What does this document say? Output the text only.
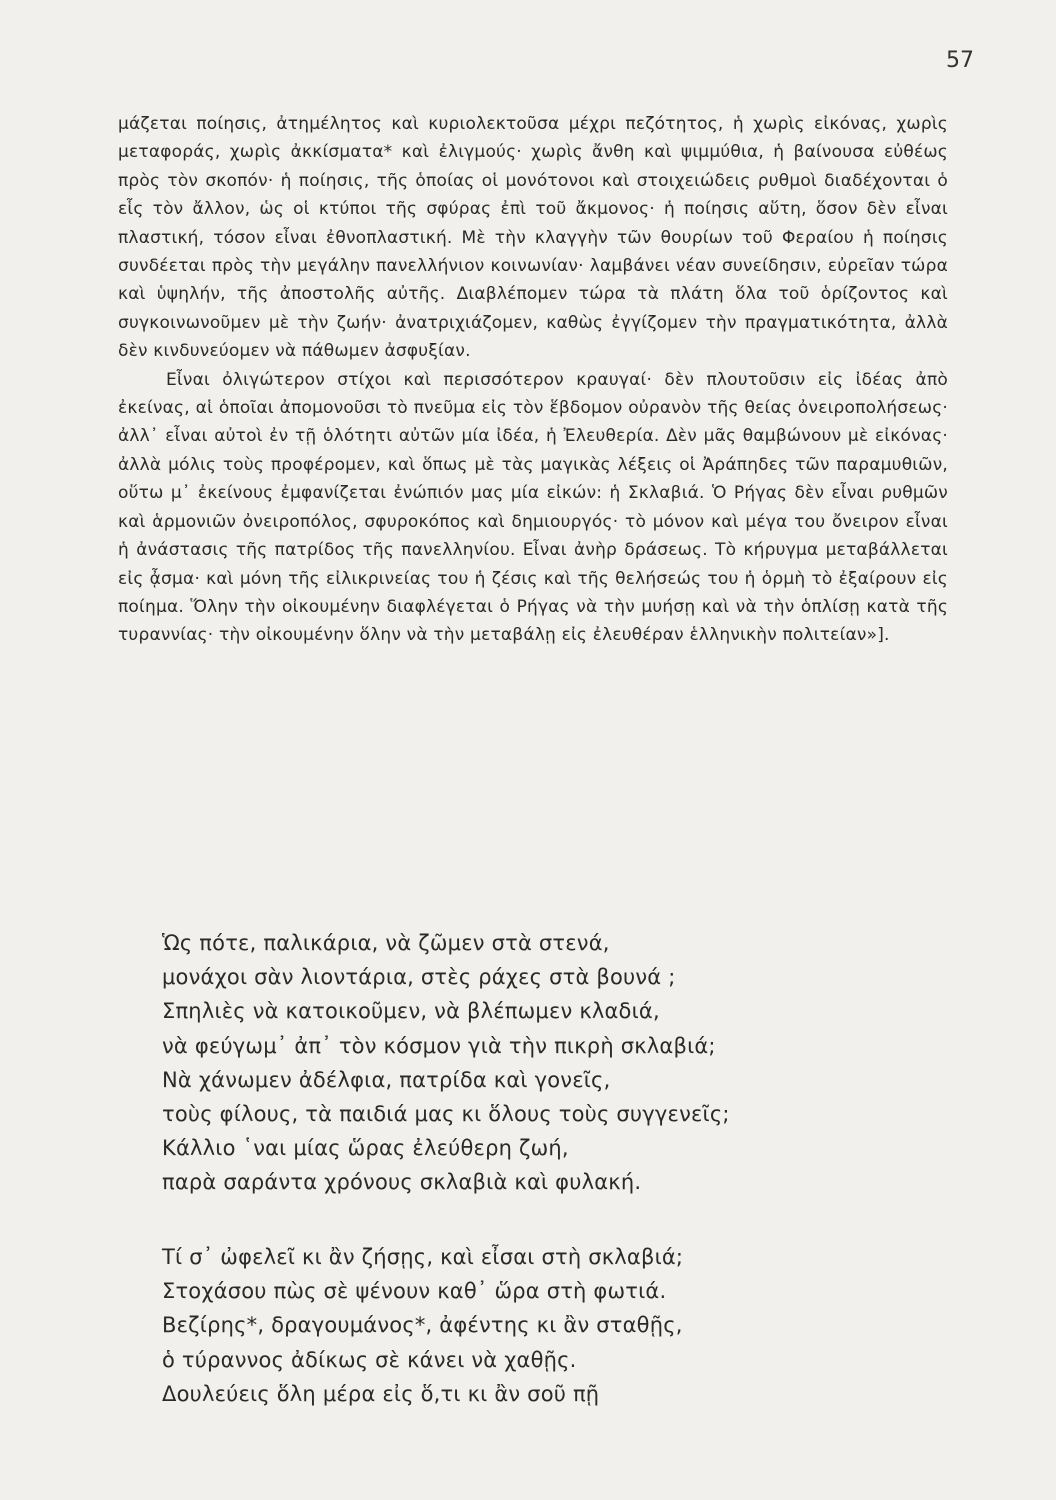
57

μάζεται ποίησις, ἀτημέλητος καὶ κυριολεκτοῦσα μέχρι πεζότητος, ἡ χωρὶς εἰκόνας, χωρὶς μεταφοράς, χωρὶς ἀκκίσματα* καὶ ἐλιγμούς· χωρὶς ἄνθη καὶ ψιμμύθια, ἡ βαίνουσα εὐθέως πρὸς τὸν σκοπόν· ἡ ποίησις, τῆς ὁποίας οἱ μονότονοι καὶ στοιχειώδεις ρυθμοὶ διαδέχονται ὁ εἷς τὸν ἄλλον, ὡς οἱ κτύποι τῆς σφύρας ἐπὶ τοῦ ἄκμονος· ἡ ποίησις αὕτη, ὅσον δὲν εἶναι πλαστική, τόσον εἶναι ἐθνοπλαστική. Μὲ τὴν κλαγγὴν τῶν θουρίων τοῦ Φεραίου ἡ ποίησις συνδέεται πρὸς τὴν μεγάλην πανελλήνιον κοινωνίαν· λαμβάνει νέαν συνείδησιν, εὐρεῖαν τώρα καὶ ὑψηλήν, τῆς ἀποστολῆς αὐτῆς. Διαβλέπομεν τώρα τὰ πλάτη ὅλα τοῦ ὁρίζοντος καὶ συγκοινωνοῦμεν μὲ τὴν ζωήν· ἀνατριχιάζομεν, καθὼς ἐγγίζομεν τὴν πραγματικότητα, ἀλλὰ δὲν κινδυνεύομεν νὰ πάθωμεν ἀσφυξίαν.

Εἶναι ὀλιγώτερον στίχοι καὶ περισσότερον κραυγαί· δὲν πλουτοῦσιν εἰς ἰδέας ἀπὸ ἐκείνας, αἱ ὁποῖαι ἀπομονοῦσι τὸ πνεῦμα εἰς τὸν ἕβδομον οὐρανὸν τῆς θείας ὀνειροπολήσεως· ἀλλ᾿ εἶναι αὐτοὶ ἐν τῇ ὁλότητι αὐτῶν μία ἰδέα, ἡ Ἐλευθερία. Δὲν μᾶς θαμβώνουν μὲ εἰκόνας· ἀλλὰ μόλις τοὺς προφέρομεν, καὶ ὅπως μὲ τὰς μαγικὰς λέξεις οἱ Ἀράπηδες τῶν παραμυθιῶν, οὕτω μ᾿ ἐκείνους ἐμφανίζεται ἐνώπιόν μας μία εἰκών: ἡ Σκλαβιά. Ὁ Ρήγας δὲν εἶναι ρυθμῶν καὶ ἁρμονιῶν ὀνειροπόλος, σφυροκόπος καὶ δημιουργός· τὸ μόνον καὶ μέγα του ὄνειρον εἶναι ἡ ἀνάστασις τῆς πατρίδος τῆς πανελληνίου. Εἶναι ἀνὴρ δράσεως. Τὸ κήρυγμα μεταβάλλεται εἰς ᾆσμα· καὶ μόνη τῆς εἰλικρινείας του ἡ ζέσις καὶ τῆς θελήσεώς του ἡ ὁρμὴ τὸ ἐξαίρουν εἰς ποίημα. Ὅλην τὴν οἰκουμένην διαφλέγεται ὁ Ρήγας νὰ τὴν μυήσῃ καὶ νὰ τὴν ὁπλίσῃ κατὰ τῆς τυραννίας· τὴν οἰκουμένην ὅλην νὰ τὴν μεταβάλῃ εἰς ἐλευθέραν ἑλληνικὴν πολιτείαν»].

Ὡς πότε, παλικάρια, νὰ ζῶμεν στὰ στενά,
μονάχοι σὰν λιοντάρια, στὲς ράχες στὰ βουνά ;
Σπηλιὲς νὰ κατοικοῦμεν, νὰ βλέπωμεν κλαδιά,
νὰ φεύγωμ᾿ ἀπ᾿ τὸν κόσμον γιὰ τὴν πικρὴ σκλαβιά;
Νὰ χάνωμεν ἀδέλφια, πατρίδα καὶ γονεῖς,
τοὺς φίλους, τὰ παιδιά μας κι ὅλους τοὺς συγγενεῖς;
Κάλλιο ῾ναι μίας ὥρας ἐλεύθερη ζωή,
παρὰ σαράντα χρόνους σκλαβιὰ καὶ φυλακή.
Τί σ᾿ ὠφελεῖ κι ἂν ζήσῃς, καὶ εἶσαι στὴ σκλαβιά;
Στοχάσου πὼς σὲ ψένουν καθ᾿ ὥρα στὴ φωτιά.
Βεζίρης*, δραγουμάνος*, ἀφέντης κι ἂν σταθῇς,
ὁ τύραννος ἀδίκως σὲ κάνει νὰ χαθῇς.
Δουλεύεις ὅλη μέρα εἰς ὅ,τι κι ἂν σοῦ πῇ
